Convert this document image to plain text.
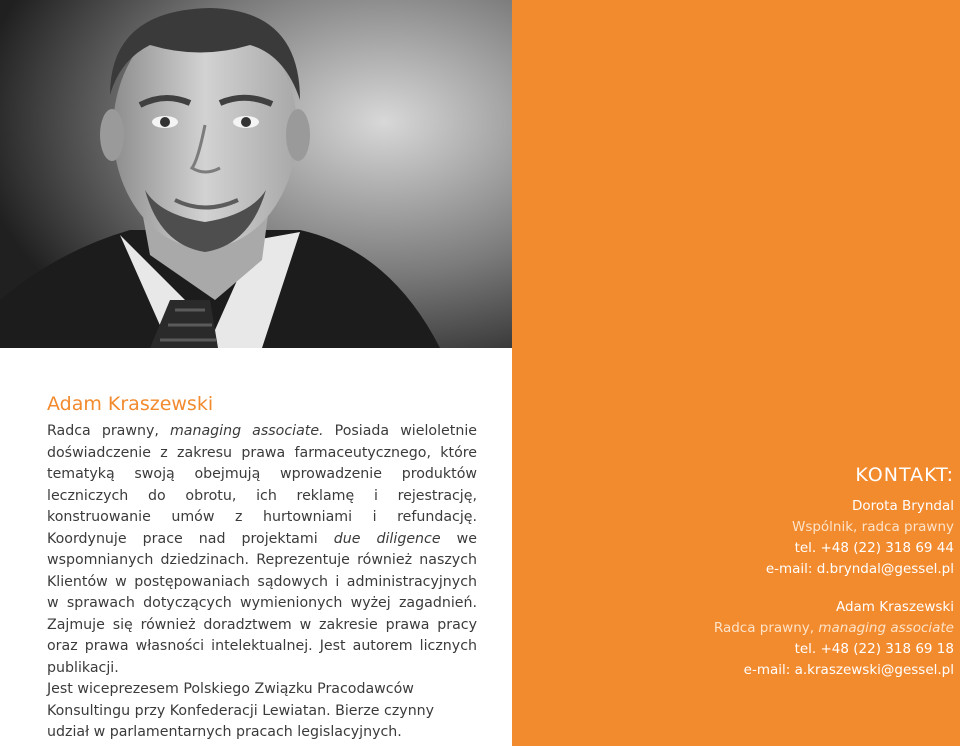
Adam Kraszewski

Radca prawny, managing associate. Posiada wieloletnie doświadczenie z zakresu prawa farmaceutycznego, które tematyką swoją obejmują wprowadzenie produktów leczniczych do obrotu, ich reklamę i rejestrację, konstruowanie umów z hurtowniami i refundację. Koordynuje prace nad projektami due diligence we wspomnianych dziedzinach. Reprezentuje również naszych Klientów w postępowaniach sądowych i administracyjnych w sprawach dotyczących wymienionych wyżej zagadnień. Zajmuje się również doradztwem w zakresie prawa pracy oraz prawa własności intelektualnej. Jest autorem licznych publikacji.

Jest wiceprezesem Polskiego Związku Pracodawców Konsultingu przy Konfederacji Lewiatan. Bierze czynny udział w parlamentarnych pracach legislacyjnych.

KONTAKT:
Dorota Bryndal
Wspólnik, radca prawny
tel. +48 (22) 318 69 44
e-mail: d.bryndal@gessel.pl
Adam Kraszewski
Radca prawny, managing associate
tel. +48 (22) 318 69 18
e-mail: a.kraszewski@gessel.pl
